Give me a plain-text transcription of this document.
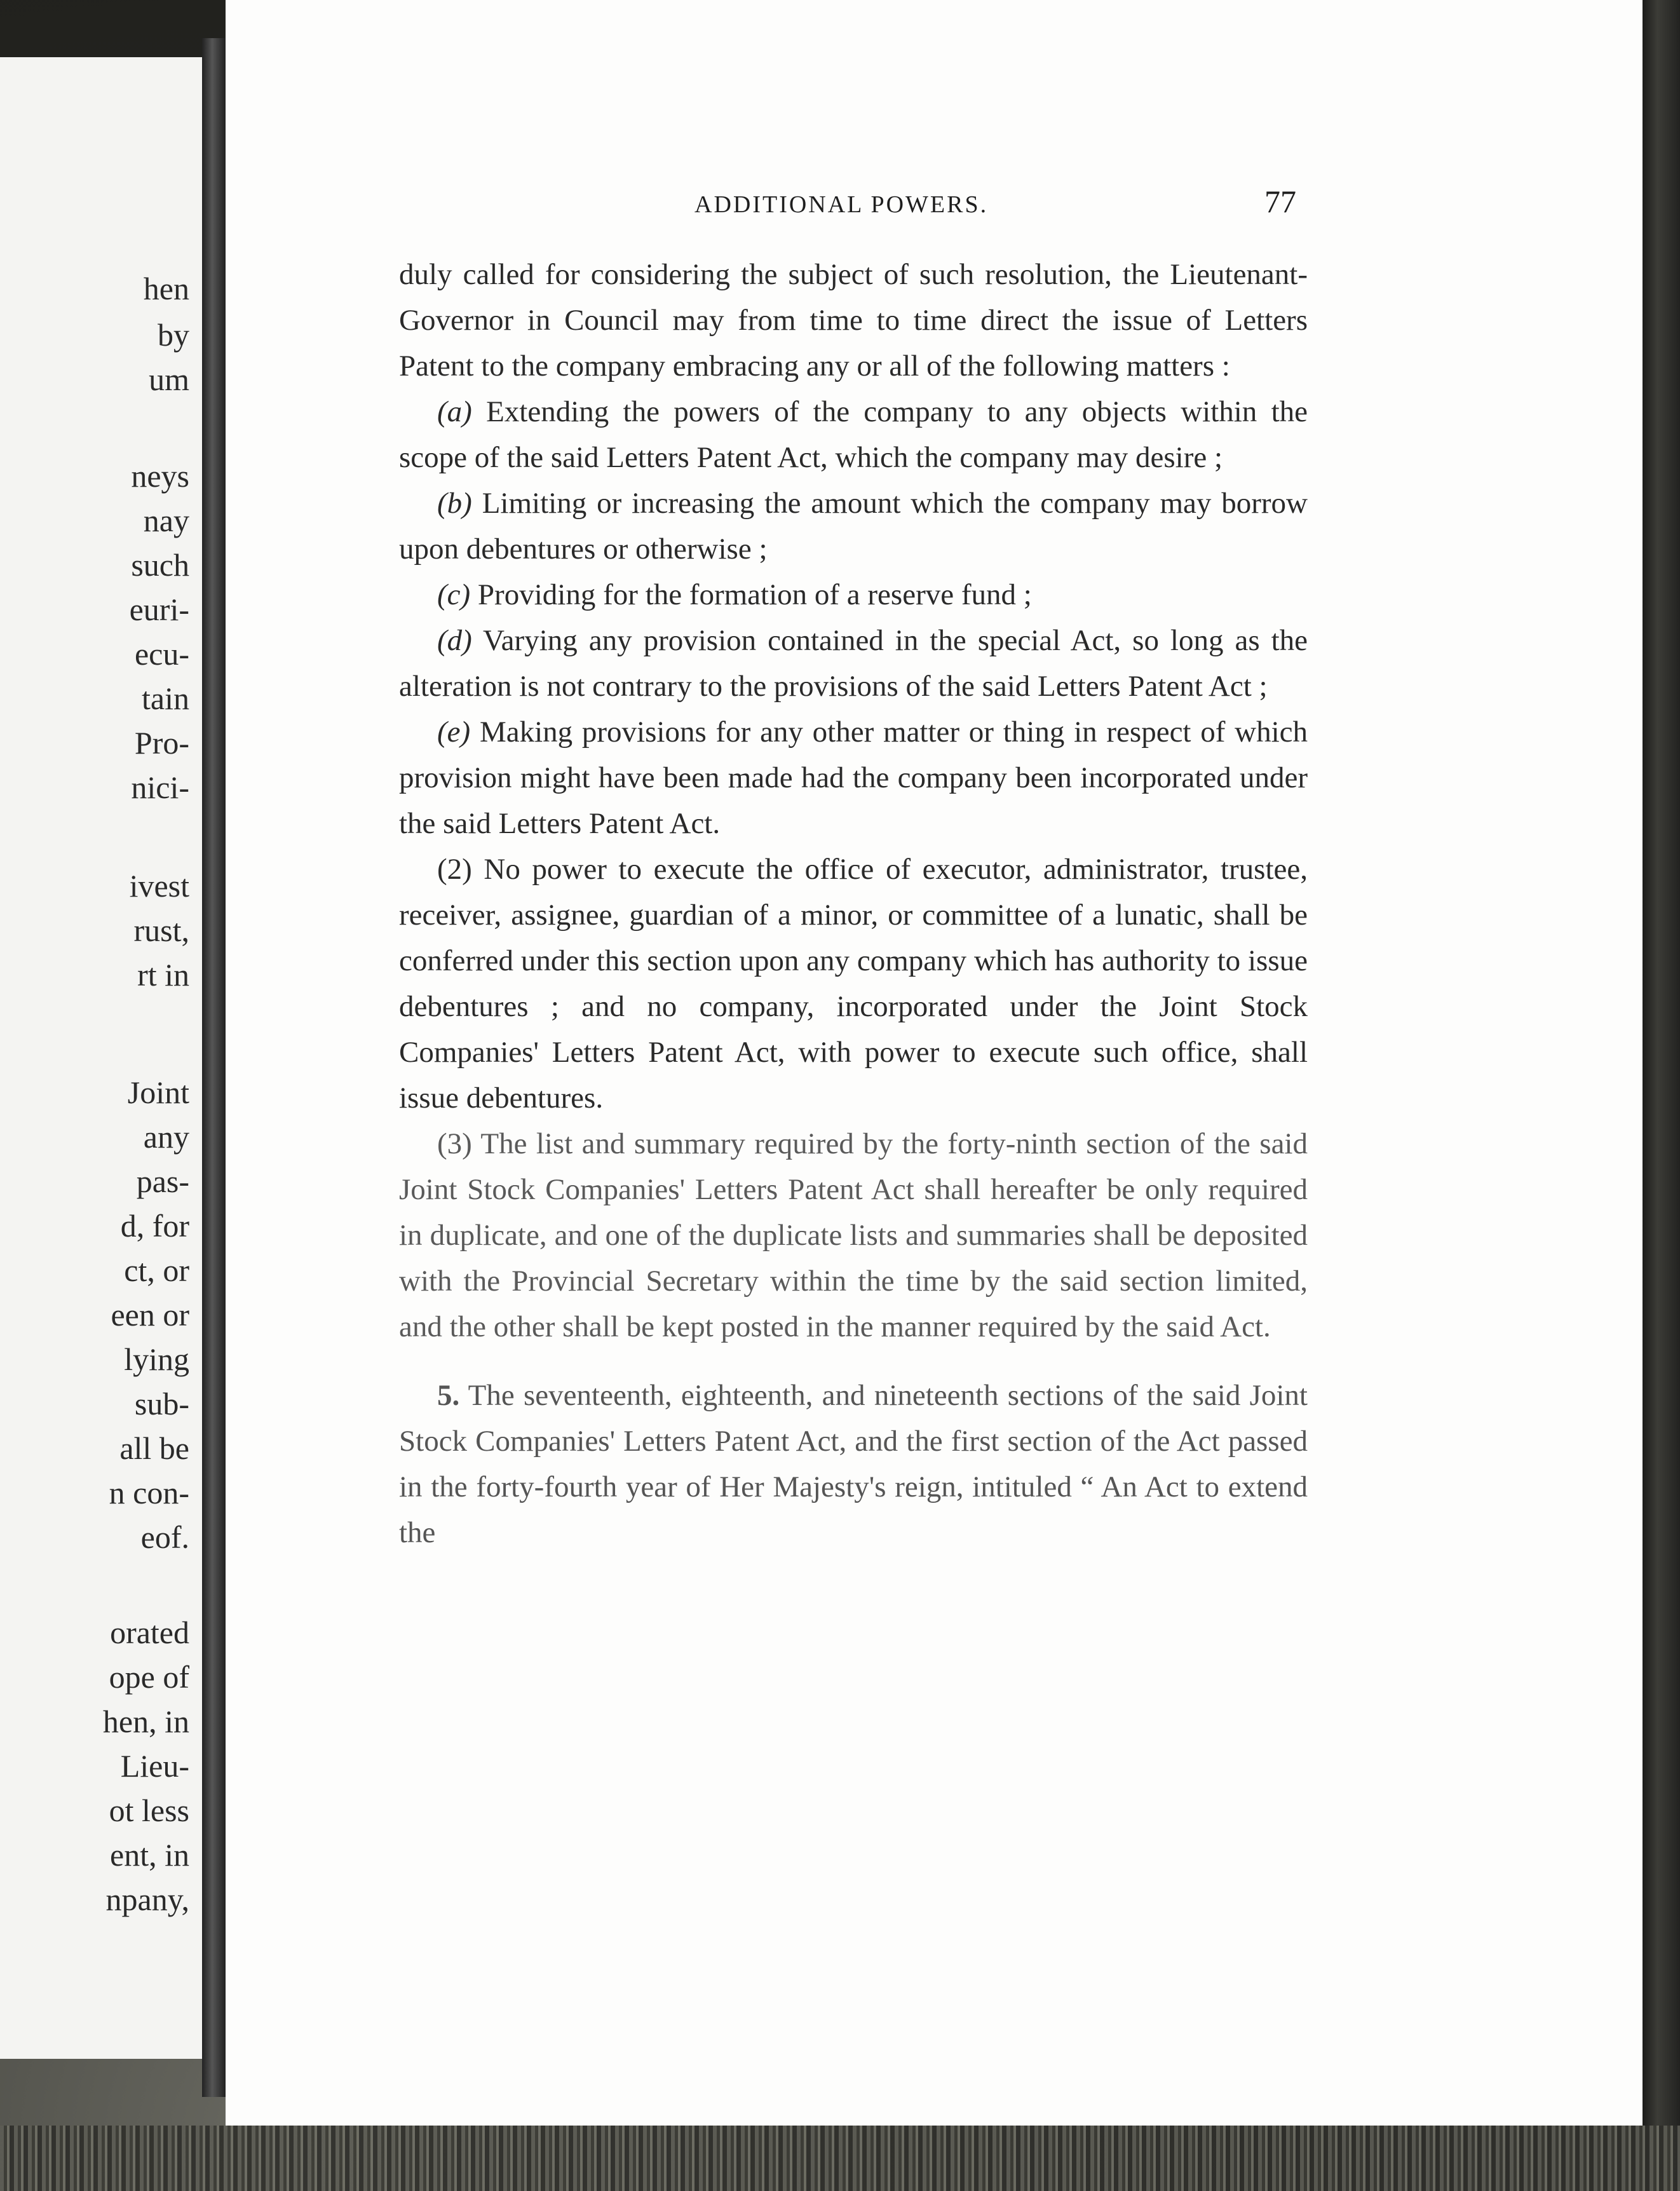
hen
by
um
neys
nay
such
euri-
ecu-
tain
Pro-
nici-
ivest
rust,
rt in
Joint
any
pas-
d, for
ct, or
een or
lying
sub-
all be
n con-
eof.
orated
ope of
hen, in
Lieu-
ot less
ent, in
npany,
ADDITIONAL POWERS.	77

duly called for considering the subject of such resolution, the Lieutenant-Governor in Council may from time to time direct the issue of Letters Patent to the company embracing any or all of the following matters :

(a) Extending the powers of the company to any objects within the scope of the said Letters Patent Act, which the company may desire ;

(b) Limiting or increasing the amount which the company may borrow upon debentures or otherwise ;

(c) Providing for the formation of a reserve fund ;

(d) Varying any provision contained in the special Act, so long as the alteration is not contrary to the provisions of the said Letters Patent Act ;

(e) Making provisions for any other matter or thing in respect of which provision might have been made had the company been incorporated under the said Letters Patent Act.

(2) No power to execute the office of executor, administrator, trustee, receiver, assignee, guardian of a minor, or committee of a lunatic, shall be conferred under this section upon any company which has authority to issue debentures ; and no company, incorporated under the Joint Stock Companies' Letters Patent Act, with power to execute such office, shall issue debentures.

(3) The list and summary required by the forty-ninth section of the said Joint Stock Companies' Letters Patent Act shall hereafter be only required in duplicate, and one of the duplicate lists and summaries shall be deposited with the Provincial Secretary within the time by the said section limited, and the other shall be kept posted in the manner required by the said Act.

5. The seventeenth, eighteenth, and nineteenth sections of the said Joint Stock Companies' Letters Patent Act, and the first section of the Act passed in the forty-fourth year of Her Majesty's reign, intituled “ An Act to extend the
